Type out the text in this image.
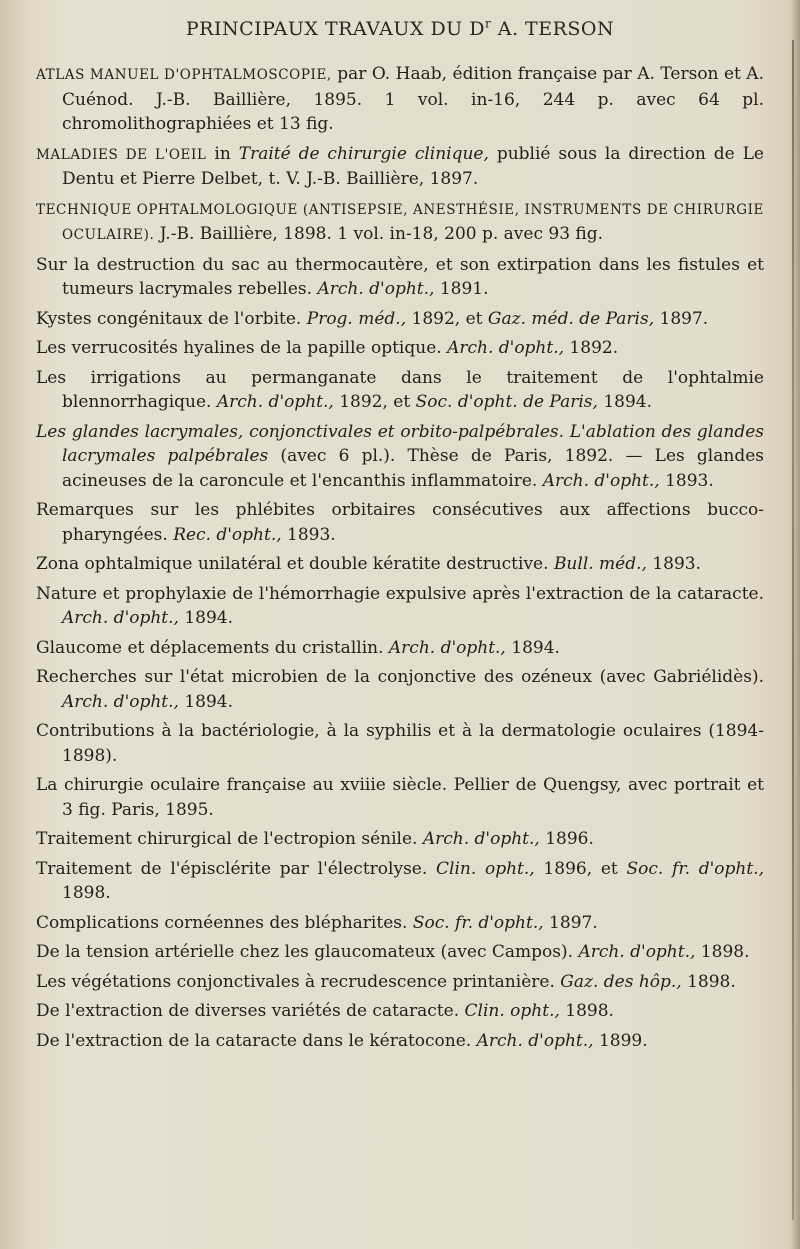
PRINCIPAUX TRAVAUX DU $D^r$ A. TERSON
ATLAS MANUEL D'OPHTALMOSCOPIE, par O. Haab, édition française par A. Terson et A. Cuénod. J.-B. Baillière, 1895. 1 vol. in-16, 244 p. avec 64 pl. chromolithographiées et 13 fig.
MALADIES DE L'OEIL in Traité de chirurgie clinique, publié sous la direction de Le Dentu et Pierre Delbet, t. V. J.-B. Baillière, 1897.
TECHNIQUE OPHTALMOLOGIQUE (ANTISEPSIE, ANESTHÉSIE, INSTRUMENTS DE CHIRURGIE OCULAIRE). J.-B. Baillière, 1898. 1 vol. in-18, 200 p. avec 93 fig.
Sur la destruction du sac au thermocautère, et son extirpation dans les fistules et tumeurs lacrymales rebelles. Arch. d'opht., 1891.
Kystes congénitaux de l'orbite. Prog. méd., 1892, et Gaz. méd. de Paris, 1897.
Les verrucosités hyalines de la papille optique. Arch. d'opht., 1892.
Les irrigations au permanganate dans le traitement de l'ophtalmie blennorrhagique. Arch. d'opht., 1892, et Soc. d'opht. de Paris, 1894.
Les glandes lacrymales, conjonctivales et orbito-palpébrales. L'ablation des glandes lacrymales palpébrales (avec 6 pl.). Thèse de Paris, 1892. — Les glandes acineuses de la caroncule et l'encanthis inflammatoire. Arch. d'opht., 1893.
Remarques sur les phlébites orbitaires consécutives aux affections bucco-pharyngées. Rec. d'opht., 1893.
Zona ophtalmique unilatéral et double kératite destructive. Bull. méd., 1893.
Nature et prophylaxie de l'hémorrhagie expulsive après l'extraction de la cataracte. Arch. d'opht., 1894.
Glaucome et déplacements du cristallin. Arch. d'opht., 1894.
Recherches sur l'état microbien de la conjonctive des ozéneux (avec Gabriélidès). Arch. d'opht., 1894.
Contributions à la bactériologie, à la syphilis et à la dermatologie oculaires (1894-1898).
La chirurgie oculaire française au xviiie siècle. Pellier de Quengsy, avec portrait et 3 fig. Paris, 1895.
Traitement chirurgical de l'ectropion sénile. Arch. d'opht., 1896.
Traitement de l'épisclérite par l'électrolyse. Clin. opht., 1896, et Soc. fr. d'opht., 1898.
Complications cornéennes des blépharites. Soc. fr. d'opht., 1897.
De la tension artérielle chez les glaucomateux (avec Campos). Arch. d'opht., 1898.
Les végétations conjonctivales à recrudescence printanière. Gaz. des hôp., 1898.
De l'extraction de diverses variétés de cataracte. Clin. opht., 1898.
De l'extraction de la cataracte dans le kératocone. Arch. d'opht., 1899.
